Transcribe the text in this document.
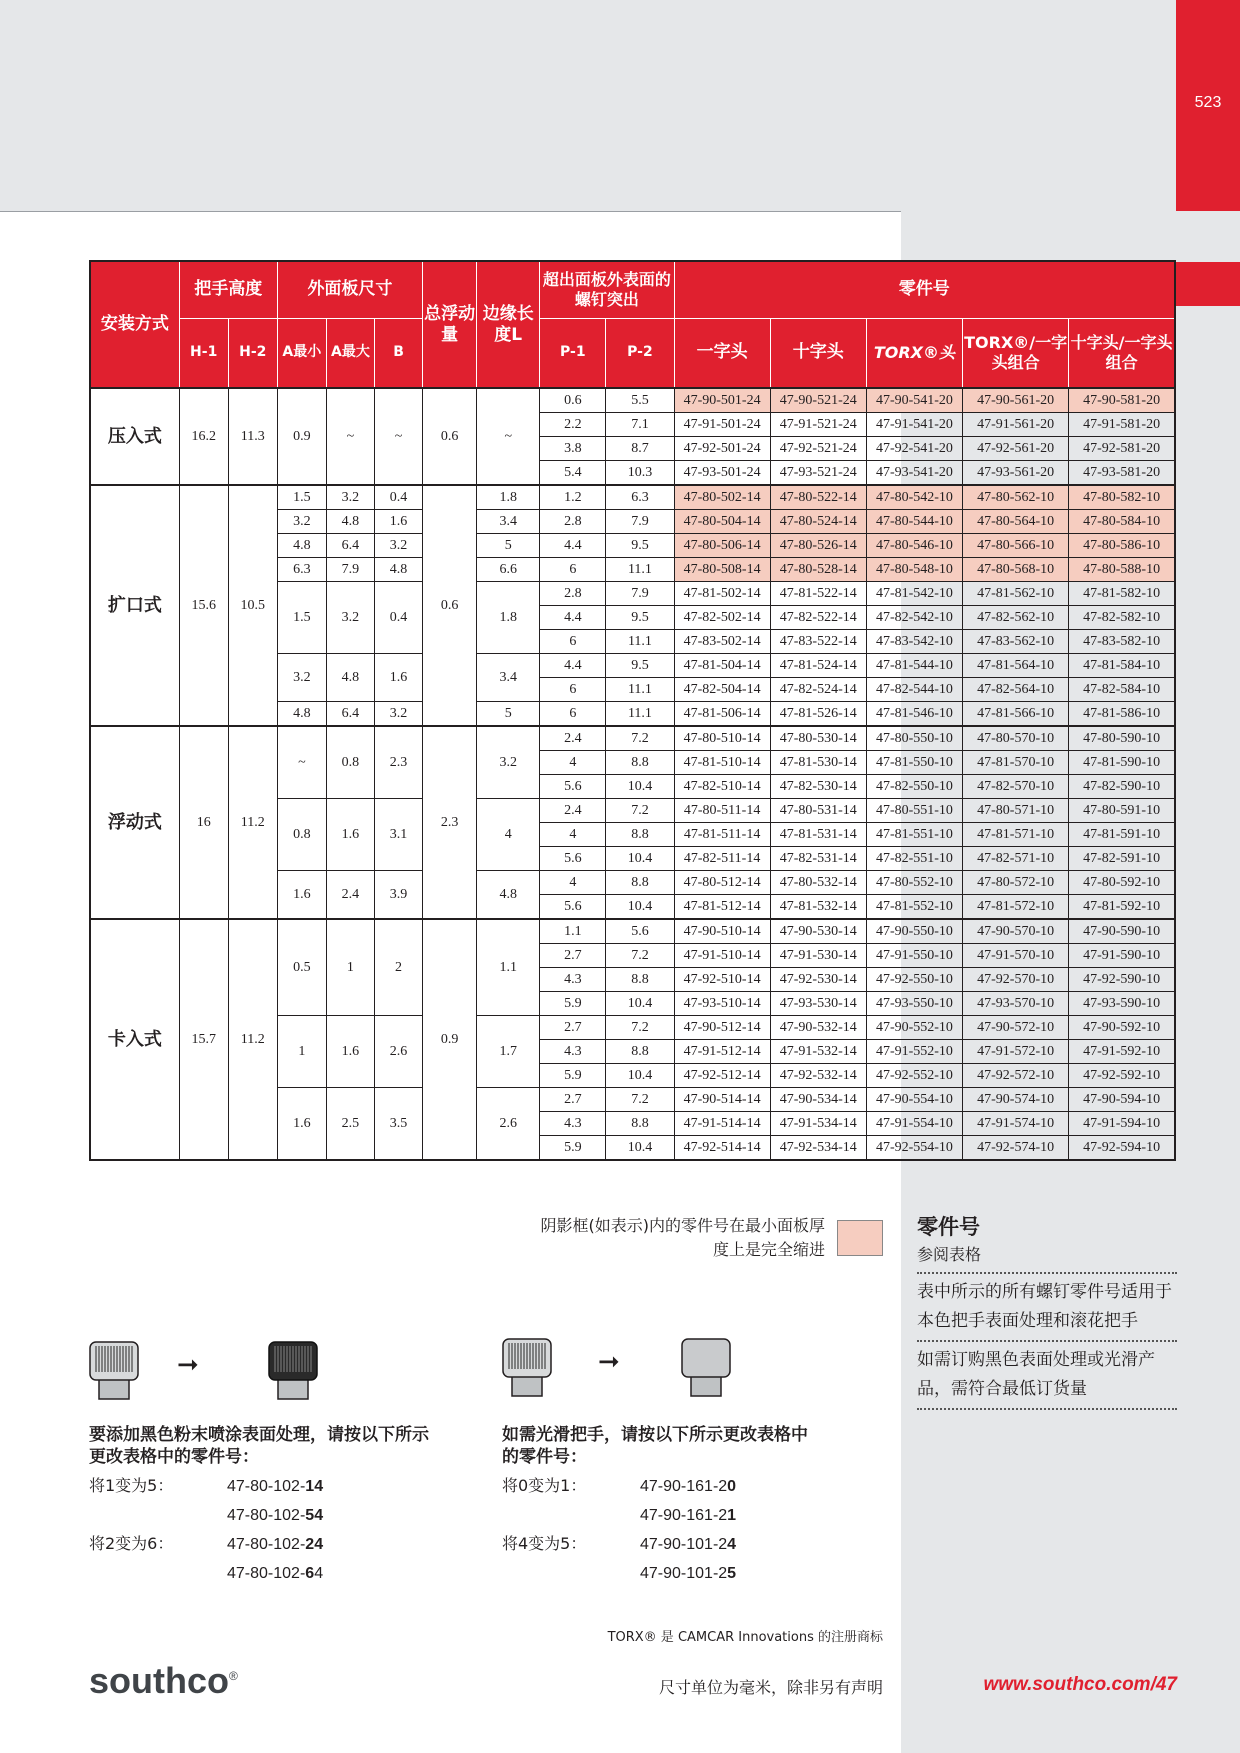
523
安装方式	把手高度		外面板尺寸			总浮动量	边缘长度L	超出面板外表面的螺钉突出		零件号				
	H-1	H-2	A最小	A最大	B			P-1	P-2	一字头	十字头	TORX®头	TORX®/一字头组合	十字头/一字头组合
压入式	16.2	11.3	0.9	~	~	0.6	~	0.6	5.5	47-90-501-24	47-90-521-24	47-90-541-20	47-90-561-20	47-90-581-20
								2.2	7.1	47-91-501-24	47-91-521-24	47-91-541-20	47-91-561-20	47-91-581-20
								3.8	8.7	47-92-501-24	47-92-521-24	47-92-541-20	47-92-561-20	47-92-581-20
								5.4	10.3	47-93-501-24	47-93-521-24	47-93-541-20	47-93-561-20	47-93-581-20
扩口式	15.6	10.5	1.5	3.2	0.4	0.6	1.8	1.2	6.3	47-80-502-14	47-80-522-14	47-80-542-10	47-80-562-10	47-80-582-10
			3.2	4.8	1.6		3.4	2.8	7.9	47-80-504-14	47-80-524-14	47-80-544-10	47-80-564-10	47-80-584-10
			4.8	6.4	3.2		5	4.4	9.5	47-80-506-14	47-80-526-14	47-80-546-10	47-80-566-10	47-80-586-10
			6.3	7.9	4.8		6.6	6	11.1	47-80-508-14	47-80-528-14	47-80-548-10	47-80-568-10	47-80-588-10
			1.5	3.2	0.4		1.8	2.8	7.9	47-81-502-14	47-81-522-14	47-81-542-10	47-81-562-10	47-81-582-10
								4.4	9.5	47-82-502-14	47-82-522-14	47-82-542-10	47-82-562-10	47-82-582-10
								6	11.1	47-83-502-14	47-83-522-14	47-83-542-10	47-83-562-10	47-83-582-10
			3.2	4.8	1.6		3.4	4.4	9.5	47-81-504-14	47-81-524-14	47-81-544-10	47-81-564-10	47-81-584-10
								6	11.1	47-82-504-14	47-82-524-14	47-82-544-10	47-82-564-10	47-82-584-10
			4.8	6.4	3.2		5	6	11.1	47-81-506-14	47-81-526-14	47-81-546-10	47-81-566-10	47-81-586-10
浮动式	16	11.2	~	0.8	2.3	2.3	3.2	2.4	7.2	47-80-510-14	47-80-530-14	47-80-550-10	47-80-570-10	47-80-590-10
								4	8.8	47-81-510-14	47-81-530-14	47-81-550-10	47-81-570-10	47-81-590-10
								5.6	10.4	47-82-510-14	47-82-530-14	47-82-550-10	47-82-570-10	47-82-590-10
			0.8	1.6	3.1		4	2.4	7.2	47-80-511-14	47-80-531-14	47-80-551-10	47-80-571-10	47-80-591-10
								4	8.8	47-81-511-14	47-81-531-14	47-81-551-10	47-81-571-10	47-81-591-10
								5.6	10.4	47-82-511-14	47-82-531-14	47-82-551-10	47-82-571-10	47-82-591-10
			1.6	2.4	3.9		4.8	4	8.8	47-80-512-14	47-80-532-14	47-80-552-10	47-80-572-10	47-80-592-10
								5.6	10.4	47-81-512-14	47-81-532-14	47-81-552-10	47-81-572-10	47-81-592-10
卡入式	15.7	11.2	0.5	1	2	0.9	1.1	1.1	5.6	47-90-510-14	47-90-530-14	47-90-550-10	47-90-570-10	47-90-590-10
								2.7	7.2	47-91-510-14	47-91-530-14	47-91-550-10	47-91-570-10	47-91-590-10
								4.3	8.8	47-92-510-14	47-92-530-14	47-92-550-10	47-92-570-10	47-92-590-10
								5.9	10.4	47-93-510-14	47-93-530-14	47-93-550-10	47-93-570-10	47-93-590-10
			1	1.6	2.6		1.7	2.7	7.2	47-90-512-14	47-90-532-14	47-90-552-10	47-90-572-10	47-90-592-10
								4.3	8.8	47-91-512-14	47-91-532-14	47-91-552-10	47-91-572-10	47-91-592-10
								5.9	10.4	47-92-512-14	47-92-532-14	47-92-552-10	47-92-572-10	47-92-592-10
			1.6	2.5	3.5		2.6	2.7	7.2	47-90-514-14	47-90-534-14	47-90-554-10	47-90-574-10	47-90-594-10
								4.3	8.8	47-91-514-14	47-91-534-14	47-91-554-10	47-91-574-10	47-91-594-10
								5.9	10.4	47-92-514-14	47-92-534-14	47-92-554-10	47-92-574-10	47-92-594-10
阴影框(如表示)内的零件号在最小面板厚
度上是完全缩进
零件号
参阅表格
表中所示的所有螺钉零件号适用于本色把手表面处理和滚花把手
如需订购黑色表面处理或光滑产品，需符合最低订货量
➞	➞
要添加黑色粉末喷涂表面处理，请按以下所示
更改表格中的零件号：
将1变为5：	47-80-102-14
47-80-102-54
将2变为6：	47-80-102-24
47-80-102-64
如需光滑把手，请按以下所示更改表格中
的零件号：
将0变为1：	47-90-161-20
47-90-161-21
将4变为5：	47-90-101-24
47-90-101-25
TORX® 是 CAMCAR Innovations 的注册商标
尺寸单位为毫米，除非另有声明
southco®	www.southco.com/47
